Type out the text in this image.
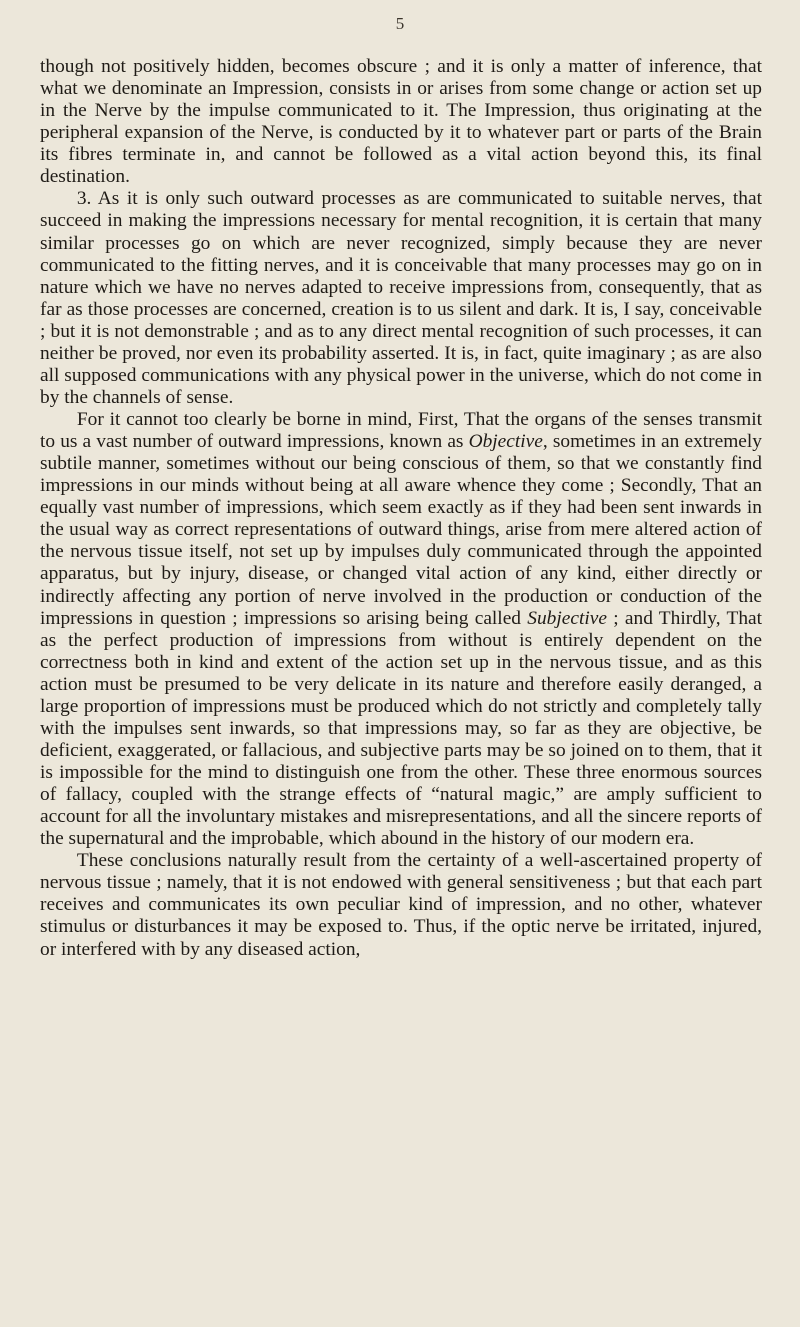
5

though not positively hidden, becomes obscure ; and it is only a matter of inference, that what we denominate an Impression, consists in or arises from some change or action set up in the Nerve by the impulse communicated to it. The Impression, thus originating at the peripheral expansion of the Nerve, is conducted by it to whatever part or parts of the Brain its fibres terminate in, and cannot be followed as a vital action beyond this, its final destination.

3. As it is only such outward processes as are communicated to suitable nerves, that succeed in making the impressions necessary for mental recognition, it is certain that many similar processes go on which are never recognized, simply because they are never communicated to the fitting nerves, and it is conceivable that many processes may go on in nature which we have no nerves adapted to receive impressions from, consequently, that as far as those processes are concerned, creation is to us silent and dark. It is, I say, conceivable ; but it is not demonstrable ; and as to any direct mental recognition of such processes, it can neither be proved, nor even its probability asserted. It is, in fact, quite imaginary ; as are also all supposed communications with any physical power in the universe, which do not come in by the channels of sense.

For it cannot too clearly be borne in mind, First, That the organs of the senses transmit to us a vast number of outward impressions, known as Objective, sometimes in an extremely subtile manner, sometimes without our being conscious of them, so that we constantly find impressions in our minds without being at all aware whence they come ; Secondly, That an equally vast number of impressions, which seem exactly as if they had been sent inwards in the usual way as correct representations of outward things, arise from mere altered action of the nervous tissue itself, not set up by impulses duly communicated through the appointed apparatus, but by injury, disease, or changed vital action of any kind, either directly or indirectly affecting any portion of nerve involved in the production or conduction of the impressions in question ; impressions so arising being called Subjective ; and Thirdly, That as the perfect production of impressions from without is entirely dependent on the correctness both in kind and extent of the action set up in the nervous tissue, and as this action must be presumed to be very delicate in its nature and therefore easily deranged, a large proportion of impressions must be produced which do not strictly and completely tally with the impulses sent inwards, so that impressions may, so far as they are objective, be deficient, exaggerated, or fallacious, and subjective parts may be so joined on to them, that it is impossible for the mind to distinguish one from the other. These three enormous sources of fallacy, coupled with the strange effects of “natural magic,” are amply sufficient to account for all the involuntary mistakes and misrepresentations, and all the sincere reports of the supernatural and the improbable, which abound in the history of our modern era.

These conclusions naturally result from the certainty of a well-ascertained property of nervous tissue ; namely, that it is not endowed with general sensitiveness ; but that each part receives and communicates its own peculiar kind of impression, and no other, whatever stimulus or disturbances it may be exposed to. Thus, if the optic nerve be irritated, injured, or interfered with by any diseased action,
